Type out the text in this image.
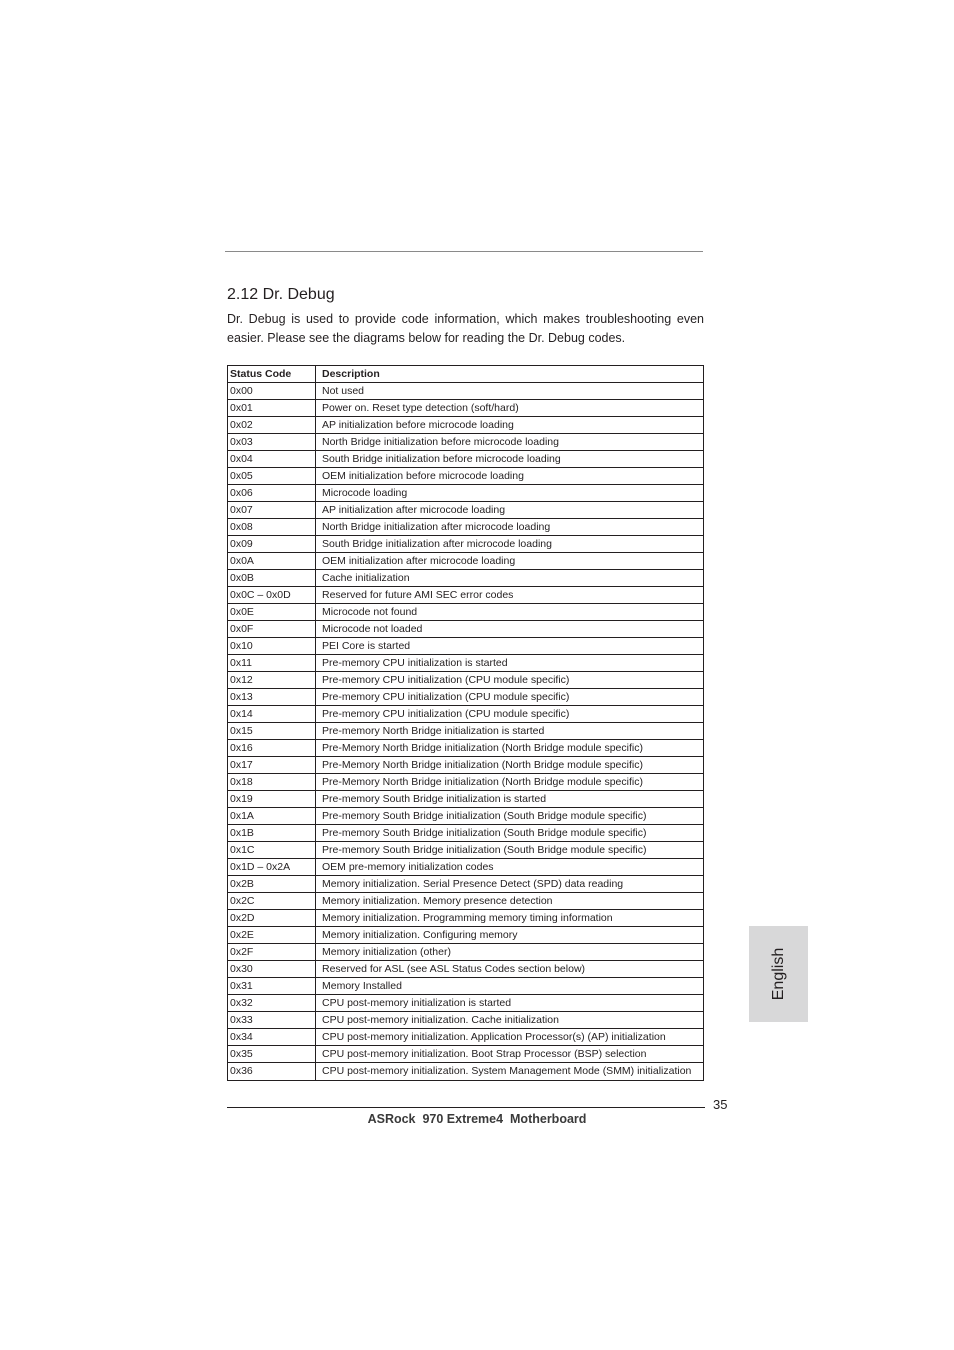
2.12 Dr. Debug

Dr. Debug is used to provide code information, which makes troubleshooting even easier. Please see the diagrams below for reading the Dr. Debug codes.

Status Code	Description
0x00	Not used
0x01	Power on. Reset type detection (soft/hard)
0x02	AP initialization before microcode loading
0x03	North Bridge initialization before microcode loading
0x04	South Bridge initialization before microcode loading
0x05	OEM initialization before microcode loading
0x06	Microcode loading
0x07	AP initialization after microcode loading
0x08	North Bridge initialization after microcode loading
0x09	South Bridge initialization after microcode loading
0x0A	OEM initialization after microcode loading
0x0B	Cache initialization
0x0C – 0x0D	Reserved for future AMI SEC error codes
0x0E	Microcode not found
0x0F	Microcode not loaded
0x10	PEI Core is started
0x11	Pre-memory CPU initialization is started
0x12	Pre-memory CPU initialization (CPU module specific)
0x13	Pre-memory CPU initialization (CPU module specific)
0x14	Pre-memory CPU initialization (CPU module specific)
0x15	Pre-memory North Bridge initialization is started
0x16	Pre-Memory North Bridge initialization (North Bridge module specific)
0x17	Pre-Memory North Bridge initialization (North Bridge module specific)
0x18	Pre-Memory North Bridge initialization (North Bridge module specific)
0x19	Pre-memory South Bridge initialization is started
0x1A	Pre-memory South Bridge initialization (South Bridge module specific)
0x1B	Pre-memory South Bridge initialization (South Bridge module specific)
0x1C	Pre-memory South Bridge initialization (South Bridge module specific)
0x1D – 0x2A	OEM pre-memory initialization codes
0x2B	Memory initialization. Serial Presence Detect (SPD) data reading
0x2C	Memory initialization. Memory presence detection
0x2D	Memory initialization. Programming memory timing information
0x2E	Memory initialization. Configuring memory
0x2F	Memory initialization (other)
0x30	Reserved for ASL (see ASL Status Codes section below)
0x31	Memory Installed
0x32	CPU post-memory initialization is started
0x33	CPU post-memory initialization. Cache initialization
0x34	CPU post-memory initialization. Application Processor(s) (AP) initialization
0x35	CPU post-memory initialization. Boot Strap Processor (BSP) selection
0x36	CPU post-memory initialization. System Management Mode (SMM) initialization
English
35
ASRock  970 Extreme4  Motherboard
